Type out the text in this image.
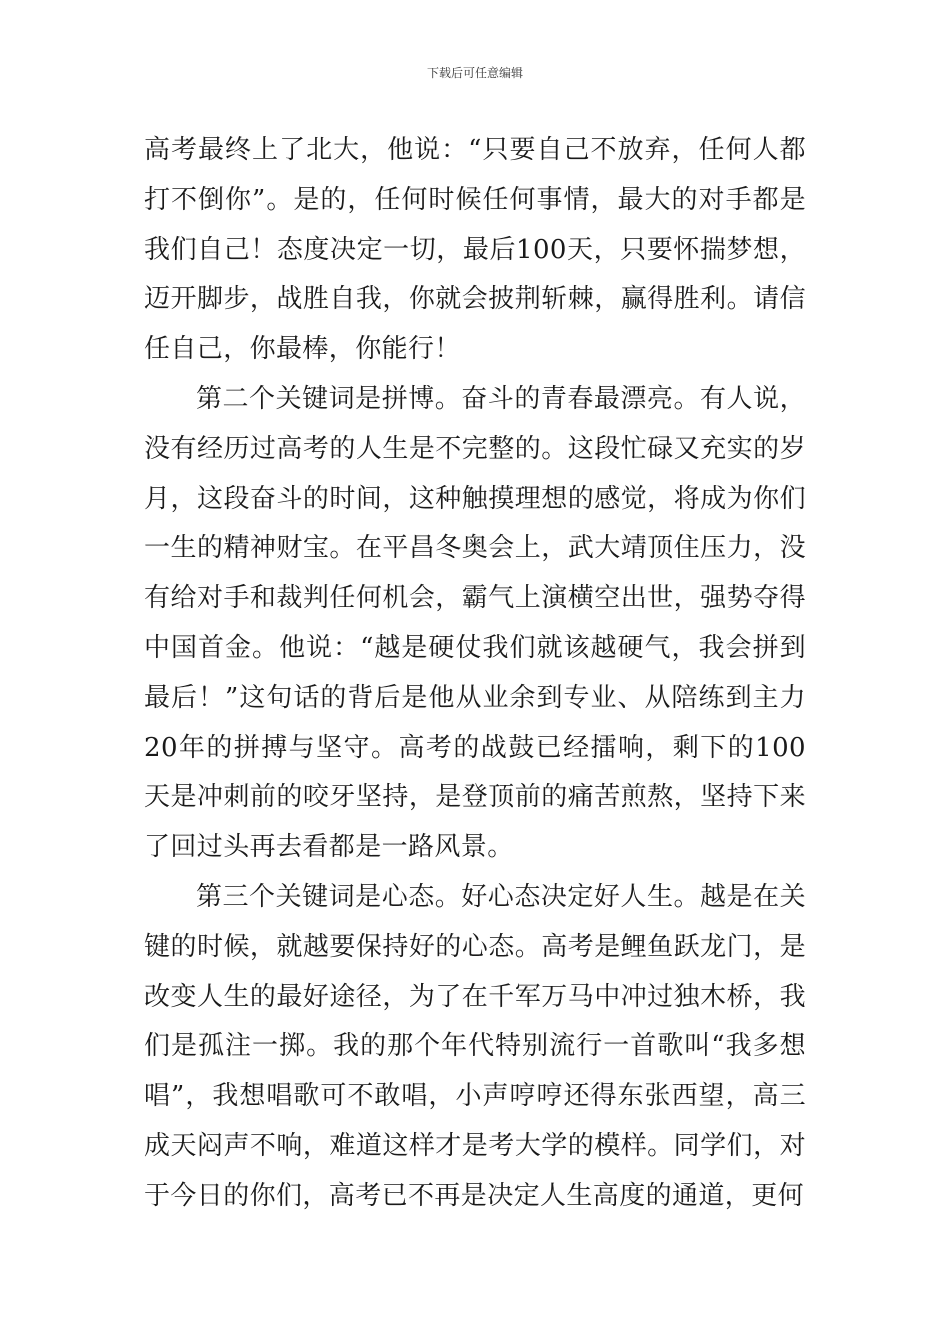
下载后可任意编辑

高考最终上了北大，他说：“只要自己不放弃，任何人都打不倒你”。是的，任何时候任何事情，最大的对手都是我们自己！态度决定一切，最后100天，只要怀揣梦想，迈开脚步，战胜自我，你就会披荆斩棘，赢得胜利。请信任自己，你最棒，你能行！

第二个关键词是拼博。奋斗的青春最漂亮。有人说，没有经历过高考的人生是不完整的。这段忙碌又充实的岁月，这段奋斗的时间，这种触摸理想的感觉，将成为你们一生的精神财宝。在平昌冬奥会上，武大靖顶住压力，没有给对手和裁判任何机会，霸气上演横空出世，强势夺得中国首金。他说：“越是硬仗我们就该越硬气，我会拼到最后！”这句话的背后是他从业余到专业、从陪练到主力20年的拼搏与坚守。高考的战鼓已经擂响，剩下的100天是冲刺前的咬牙坚持，是登顶前的痛苦煎熬，坚持下来了回过头再去看都是一路风景。

第三个关键词是心态。好心态决定好人生。越是在关键的时候，就越要保持好的心态。高考是鲤鱼跃龙门，是改变人生的最好途径，为了在千军万马中冲过独木桥，我们是孤注一掷。我的那个年代特别流行一首歌叫“我多想唱”，我想唱歌可不敢唱，小声哼哼还得东张西望，高三成天闷声不响，难道这样才是考大学的模样。同学们，对于今日的你们，高考已不再是决定人生高度的通道，更何
